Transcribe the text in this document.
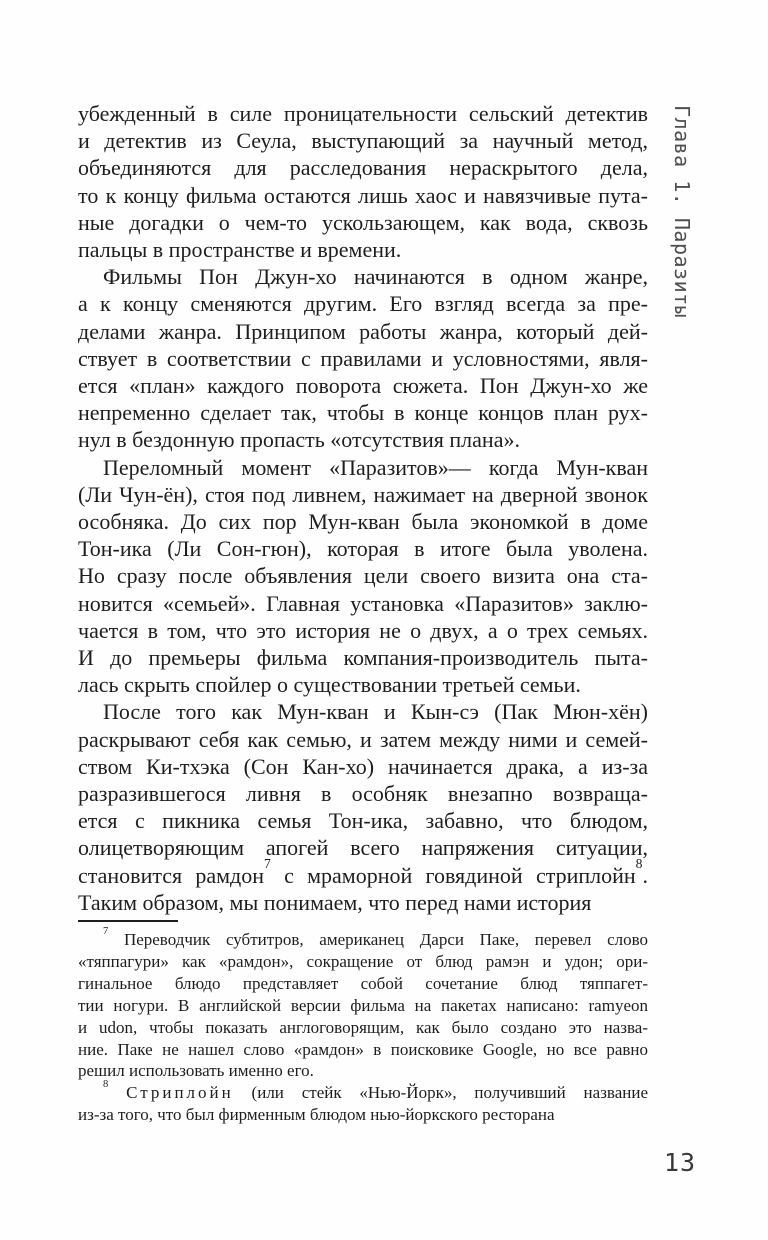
убежденный в силе проницательности сельский детектив
и детектив из Сеула, выступающий за научный метод,
объединяются для расследования нераскрытого дела,
то к концу фильма остаются лишь хаос и навязчивые пута-
ные догадки о чем-то ускользающем, как вода, сквозь
пальцы в пространстве и времени.
Фильмы Пон Джун-хо начинаются в одном жанре,
а к концу сменяются другим. Его взгляд всегда за пре-
делами жанра. Принципом работы жанра, который дей-
ствует в соответствии с правилами и условностями, явля-
ется «план» каждого поворота сюжета. Пон Джун-хо же
непременно сделает так, чтобы в конце концов план рух-
нул в бездонную пропасть «отсутствия плана».
Переломный момент «Паразитов»— когда Мун-кван
(Ли Чун-ён), стоя под ливнем, нажимает на дверной звонок
особняка. До сих пор Мун-кван была экономкой в доме
Тон-ика (Ли Сон-гюн), которая в итоге была уволена.
Но сразу после объявления цели своего визита она ста-
новится «семьей». Главная установка «Паразитов» заклю-
чается в том, что это история не о двух, а о трех семьях.
И до премьеры фильма компания-производитель пыта-
лась скрыть спойлер о существовании третьей семьи.
После того как Мун-кван и Кын-сэ (Пак Мюн-хён)
раскрывают себя как семью, и затем между ними и семей-
ством Ки-тхэка (Сон Кан-хо) начинается драка, а из-за
разразившегося ливня в особняк внезапно возвраща-
ется с пикника семья Тон-ика, забавно, что блюдом,
олицетворяющим апогей всего напряжения ситуации,
становится рамдон$^7$ с мраморной говядиной стриплойн$^8$.
Таким образом, мы понимаем, что перед нами история
$^7$ Переводчик субтитров, американец Дарси Паке, перевел слово
«тяппагури» как «рамдон», сокращение от блюд рамэн и удон; ори-
гинальное блюдо представляет собой сочетание блюд тяппагет-
тии ногури. В английской версии фильма на пакетах написано: ramyeon
и udon, чтобы показать англоговорящим, как было создано это назва-
ние. Паке не нашел слово «рамдон» в поисковике Google, но все равно
решил использовать именно его.
$^8$ Стриплойн (или стейк «Нью-Йорк», получивший название
из-за того, что был фирменным блюдом нью-йоркского ресторана
Глава 1. Паразиты
13
